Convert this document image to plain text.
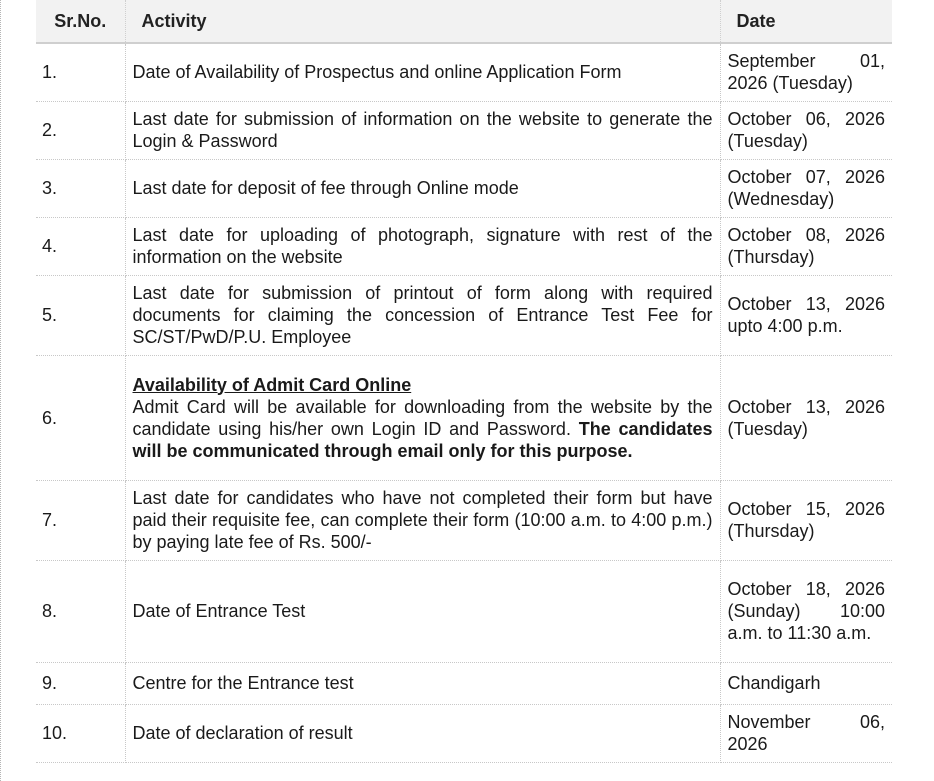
Sr.No.	Activity	Date
1.	Date of Availability of Prospectus and online Application Form	September 01, 2026 (Tuesday)
2.	Last date for submission of information on the website to generate the Login & Password	October 06, 2026 (Tuesday)
3.	Last date for deposit of fee through Online mode	October 07, 2026 (Wednesday)
4.	Last date for uploading of photograph, signature with rest of the information on the website	October 08, 2026 (Thursday)
5.	Last date for submission of printout of form along with required documents for claiming the concession of Entrance Test Fee for SC/ST/PwD/P.U. Employee	October 13, 2026 upto 4:00 p.m.
6.	Availability of Admit Card Online
Admit Card will be available for downloading from the website by the candidate using his/her own Login ID and Password. The candidates will be communicated through email only for this purpose.	October 13, 2026 (Tuesday)
7.	Last date for candidates who have not completed their form but have paid their requisite fee, can complete their form (10:00 a.m. to 4:00 p.m.) by paying late fee of Rs. 500/-	October 15, 2026 (Thursday)
8.	Date of Entrance Test	October 18, 2026 (Sunday) 10:00 a.m. to 11:30 a.m.
9.	Centre for the Entrance test	Chandigarh
10.	Date of declaration of result	November 06, 2026
